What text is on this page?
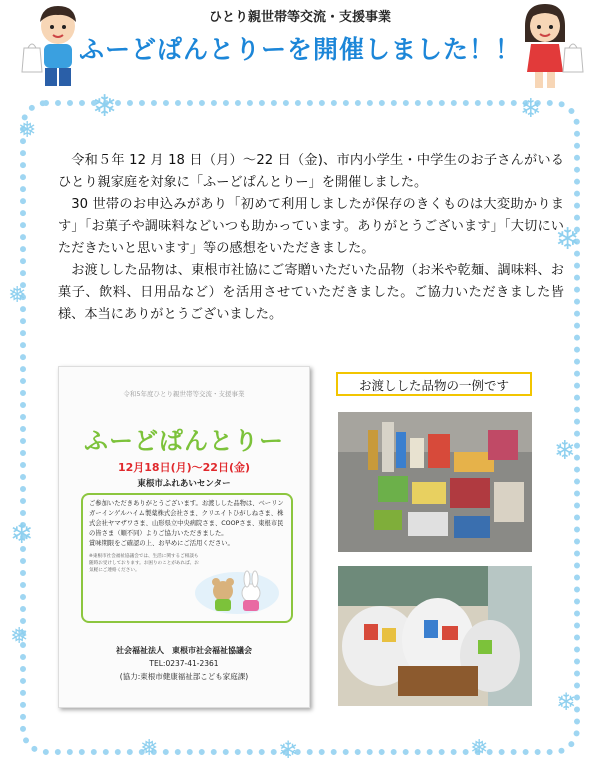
ひとり親世帯等交流・支援事業
ふーどぱんとりーを開催しました！！
❄
❅
❄
❄
❅
❄
❄
❅
❄
❅	❄	❅

令和５年 12 月 18 日（月）～22 日（金)、市内小学生・中学生のお子さんがいるひとり親家庭を対象に「ふーどぱんとりー」を開催しました。

30 世帯のお申込みがあり「初めて利用しましたが保存のきくものは大変助かります」「お菓子や調味料などいつも助かっています。ありがとうございます」「大切にいただきたいと思います」等の感想をいただきました。

お渡しした品物は、東根市社協にご寄贈いただいた品物（お米や乾麺、調味料、お菓子、飲料、日用品など）を活用させていただきました。ご協力いただきました皆様、本当にありがとうございました。

令和5年度ひとり親世帯等交流・支援事業
ふーどぱんとりー
12月18日(月)～22日(金)
東根市ふれあいセンター
ご参加いただきありがとうございます。お渡しした品物は、ベーリンガーインゲルハイム製薬株式会社さま、クリエイトひがしねさま、株式会社ヤマザワさま、山形県立中央病院さま、COOPさま、東根市民の皆さま（順不同）よりご協力いただきました。
賞味期限をご確認の上、お早めにご活用ください。
※東根市社会福祉協議会では、生活に関するご相談も随時お受けしております。お困りのことがあれば、お気軽にご連絡ください。
社会福祉法人　東根市社会福祉協議会
TEL:0237-41-2361
(協力:東根市健康福祉部こども家庭課)
お渡しした品物の一例です
